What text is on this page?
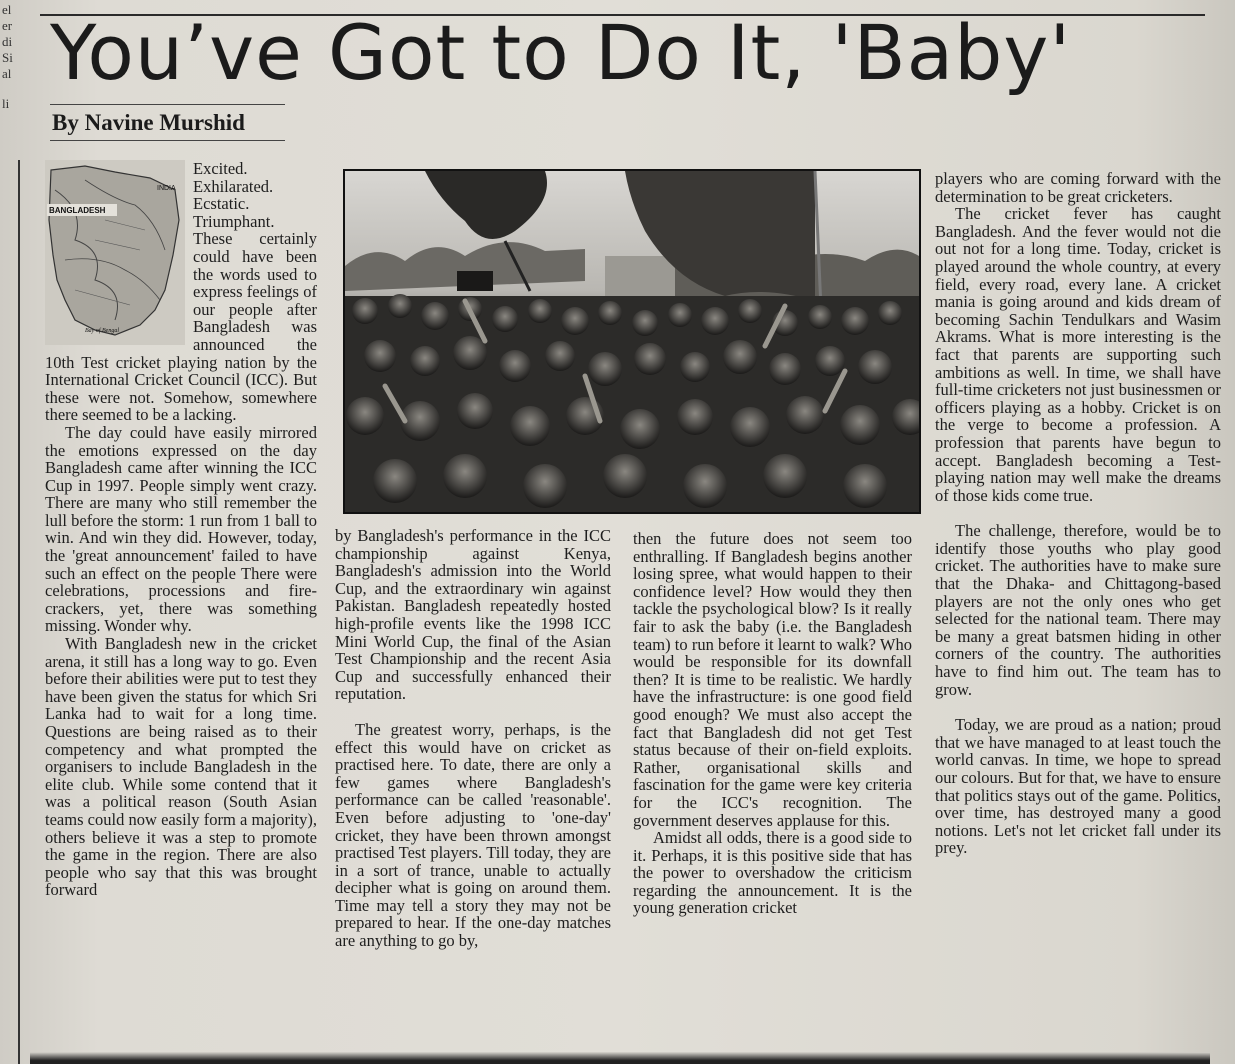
el
er
di
Si
al
li
You’ve Got to Do It, 'Baby'
By Navine Murshid
BANGLADESH
INDIA
Bay of Bengal

Excited. Exhilarated. Ecstatic. Triumphant. These certainly could have been the words used to express feelings of our people after Bangladesh was announced the 10th Test cricket playing nation by the International Cricket Council (ICC). But these were not. Somehow, somewhere there seemed to be a lacking.

The day could have easily mirrored the emotions expressed on the day Bangladesh came after winning the ICC Cup in 1997. People simply went crazy. There are many who still remember the lull before the storm: 1 run from 1 ball to win. And win they did. However, today, the 'great announcement' failed to have such an effect on the people There were celebrations, processions and fire-crackers, yet, there was something missing. Wonder why.

With Bangladesh new in the cricket arena, it still has a long way to go. Even before their abilities were put to test they have been given the status for which Sri Lanka had to wait for a long time. Questions are being raised as to their competency and what prompted the organisers to include Bangladesh in the elite club. While some contend that it was a political reason (South Asian teams could now easily form a majority), others believe it was a step to promote the game in the region. There are also people who say that this was brought forward

by Bangladesh's performance in the ICC championship against Kenya, Bangladesh's admission into the World Cup, and the extraordinary win against Pakistan. Bangladesh repeatedly hosted high-profile events like the 1998 ICC Mini World Cup, the final of the Asian Test Championship and the recent Asia Cup and successfully enhanced their reputation.

The greatest worry, perhaps, is the effect this would have on cricket as practised here. To date, there are only a few games where Bangladesh's performance can be called 'reasonable'. Even before adjusting to 'one-day' cricket, they have been thrown amongst practised Test players. Till today, they are in a sort of trance, unable to actually decipher what is going on around them. Time may tell a story they may not be prepared to hear. If the one-day matches are anything to go by,

then the future does not seem too enthralling. If Bangladesh begins another losing spree, what would happen to their confidence level? How would they then tackle the psychological blow? Is it really fair to ask the baby (i.e. the Bangladesh team) to run before it learnt to walk? Who would be responsible for its downfall then? It is time to be realistic. We hardly have the infrastructure: is one good field good enough? We must also accept the fact that Bangladesh did not get Test status because of their on-field exploits. Rather, organisational skills and fascination for the game were key criteria for the ICC's recognition. The government deserves applause for this.

Amidst all odds, there is a good side to it. Perhaps, it is this positive side that has the power to overshadow the criticism regarding the announcement. It is the young generation cricket

players who are coming forward with the determination to be great cricketers.

The cricket fever has caught Bangladesh. And the fever would not die out not for a long time. Today, cricket is played around the whole country, at every field, every road, every lane. A cricket mania is going around and kids dream of becoming Sachin Tendulkars and Wasim Akrams. What is more interesting is the fact that parents are supporting such ambitions as well. In time, we shall have full-time cricketers not just businessmen or officers playing as a hobby. Cricket is on the verge to become a profession. A profession that parents have begun to accept. Bangladesh becoming a Test-playing nation may well make the dreams of those kids come true.

The challenge, therefore, would be to identify those youths who play good cricket. The authorities have to make sure that the Dhaka- and Chittagong-based players are not the only ones who get selected for the national team. There may be many a great batsmen hiding in other corners of the country. The authorities have to find him out. The team has to grow.

Today, we are proud as a nation; proud that we have managed to at least touch the world canvas. In time, we hope to spread our colours. But for that, we have to ensure that politics stays out of the game. Politics, over time, has destroyed many a good notions. Let's not let cricket fall under its prey.
